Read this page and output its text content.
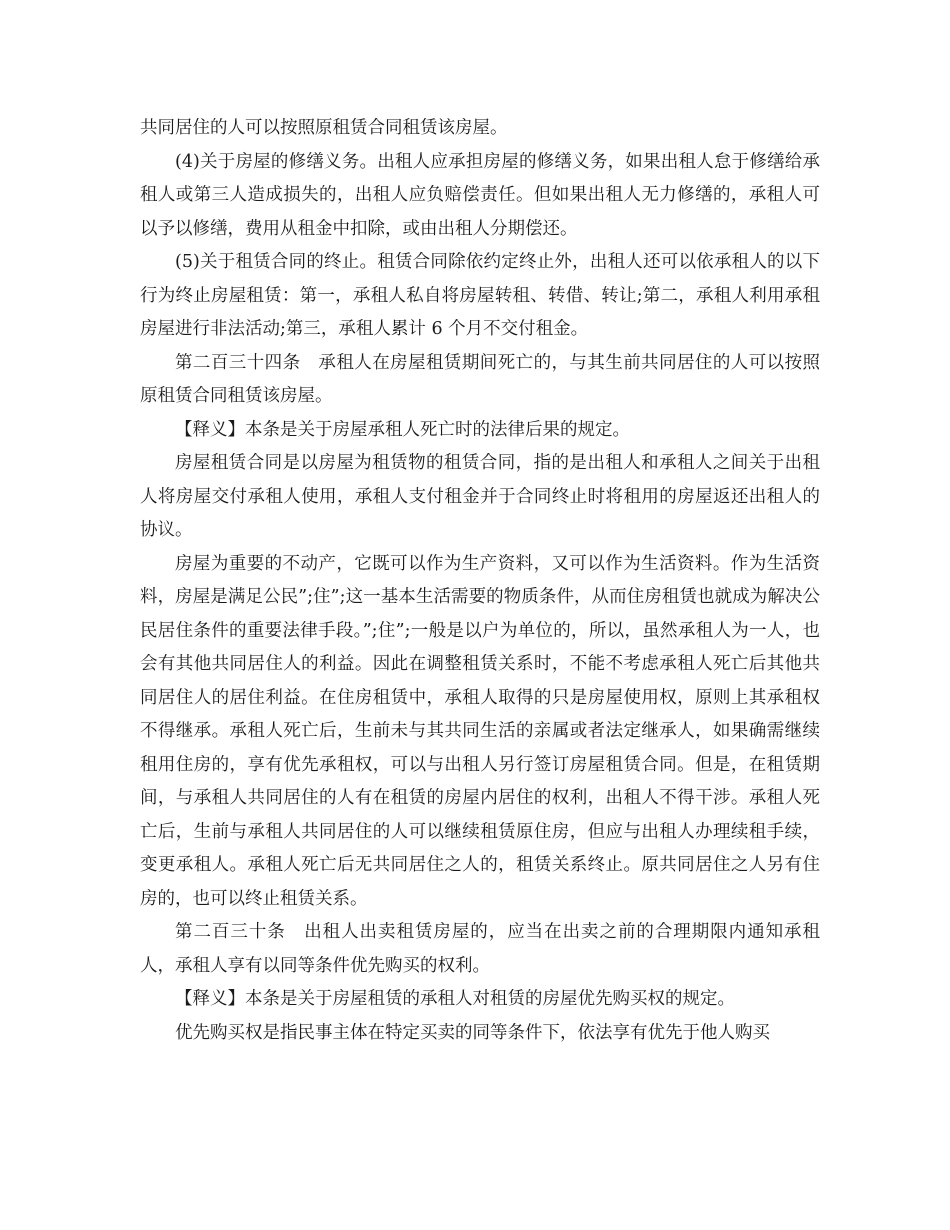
共同居住的人可以按照原租赁合同租赁该房屋。

(4)关于房屋的修缮义务。出租人应承担房屋的修缮义务，如果出租人怠于修缮给承租人或第三人造成损失的，出租人应负赔偿责任。但如果出租人无力修缮的，承租人可以予以修缮，费用从租金中扣除，或由出租人分期偿还。

(5)关于租赁合同的终止。租赁合同除依约定终止外，出租人还可以依承租人的以下行为终止房屋租赁：第一，承租人私自将房屋转租、转借、转让;第二，承租人利用承租房屋进行非法活动;第三，承租人累计 6 个月不交付租金。

第二百三十四条　承租人在房屋租赁期间死亡的，与其生前共同居住的人可以按照原租赁合同租赁该房屋。

【释义】本条是关于房屋承租人死亡时的法律后果的规定。

房屋租赁合同是以房屋为租赁物的租赁合同，指的是出租人和承租人之间关于出租人将房屋交付承租人使用，承租人支付租金并于合同终止时将租用的房屋返还出租人的协议。

房屋为重要的不动产，它既可以作为生产资料，又可以作为生活资料。作为生活资料，房屋是满足公民”;住”;这一基本生活需要的物质条件，从而住房租赁也就成为解决公民居住条件的重要法律手段。”;住”;一般是以户为单位的，所以，虽然承租人为一人，也会有其他共同居住人的利益。因此在调整租赁关系时，不能不考虑承租人死亡后其他共同居住人的居住利益。在住房租赁中，承租人取得的只是房屋使用权，原则上其承租权不得继承。承租人死亡后，生前未与其共同生活的亲属或者法定继承人，如果确需继续租用住房的，享有优先承租权，可以与出租人另行签订房屋租赁合同。但是，在租赁期间，与承租人共同居住的人有在租赁的房屋内居住的权利，出租人不得干涉。承租人死亡后，生前与承租人共同居住的人可以继续租赁原住房，但应与出租人办理续租手续，变更承租人。承租人死亡后无共同居住之人的，租赁关系终止。原共同居住之人另有住房的，也可以终止租赁关系。

第二百三十条　出租人出卖租赁房屋的，应当在出卖之前的合理期限内通知承租人，承租人享有以同等条件优先购买的权利。

【释义】本条是关于房屋租赁的承租人对租赁的房屋优先购买权的规定。

优先购买权是指民事主体在特定买卖的同等条件下，依法享有优先于他人购买
